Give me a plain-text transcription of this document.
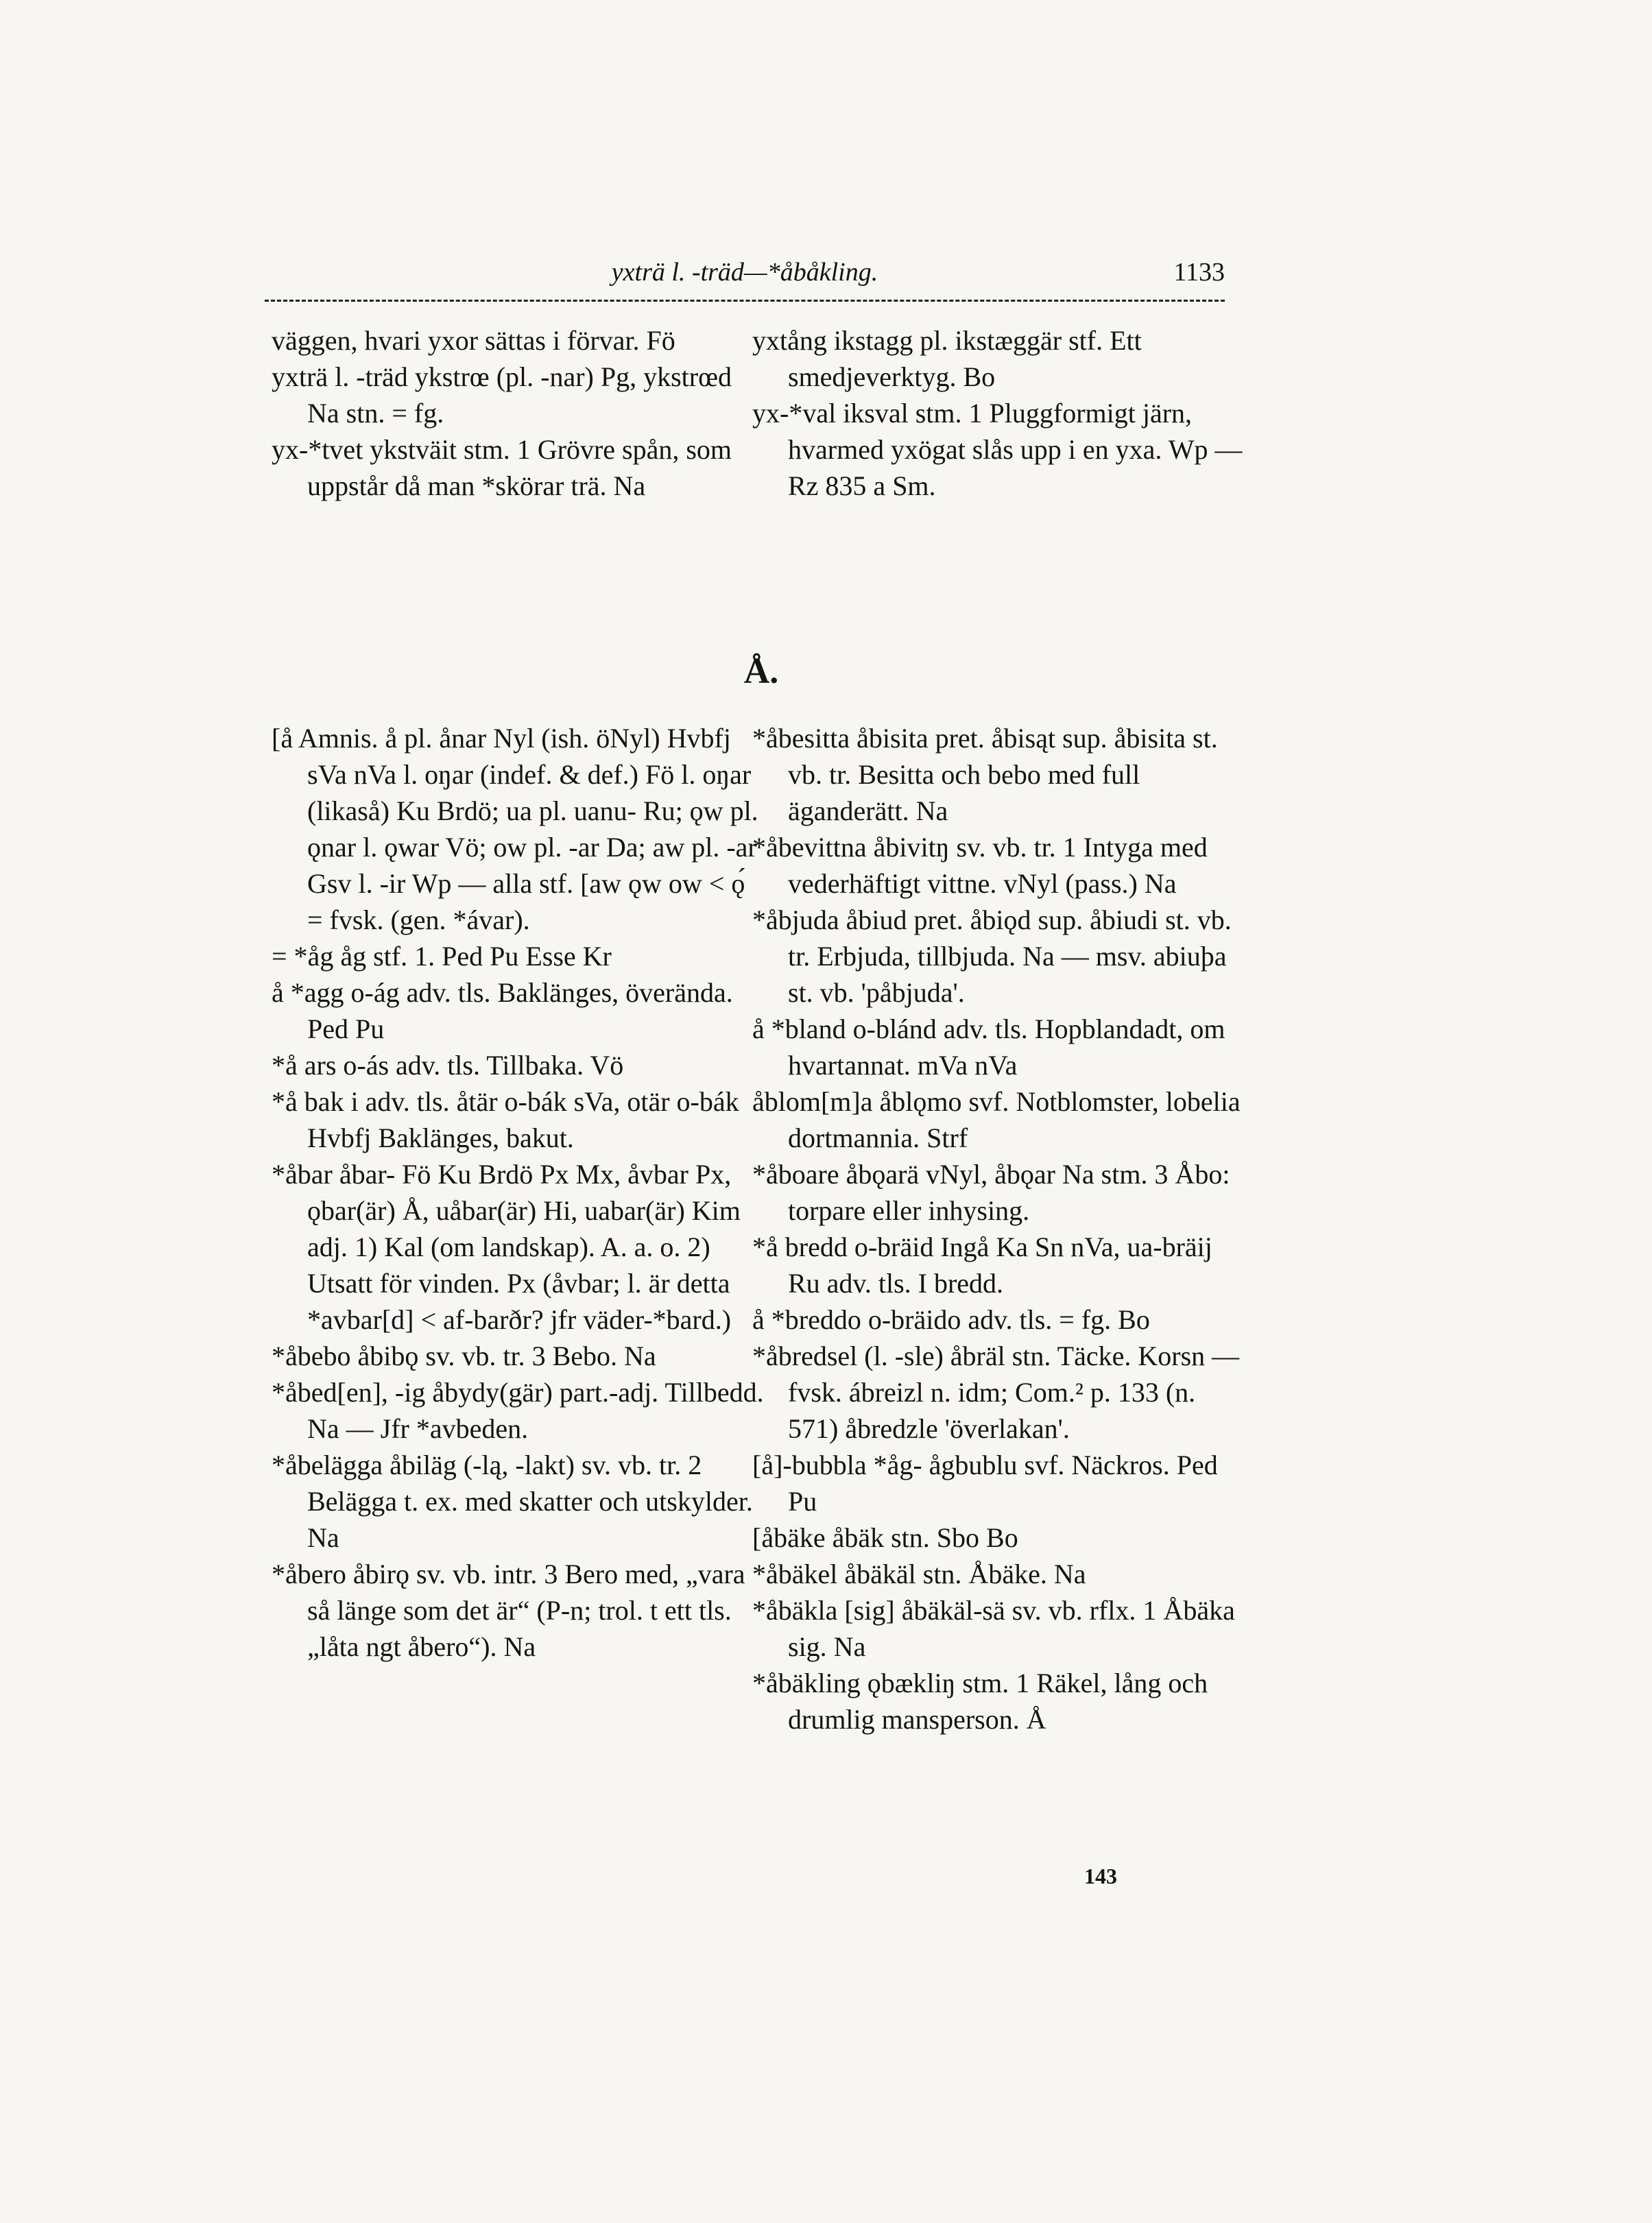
yxträ l. -träd—*åbåkling.	1133

väggen, hvari yxor sättas i förvar. Fö

yxträ l. -träd ykstrœ (pl. -nar) Pg, ykstrœd Na stn. = fg.

yx-*tvet ykstväit stm. 1 Grövre spån, som uppstår då man *skörar trä. Na

yxtång ikstagg pl. ikstæggär stf. Ett smedjeverktyg. Bo

yx-*val iksval stm. 1 Pluggformigt järn, hvarmed yxögat slås upp i en yxa. Wp — Rz 835 a Sm.

Å.

[å Amnis. å pl. ånar Nyl (ish. öNyl) Hvbfj sVa nVa l. oŋar (indef. & def.) Fö l. oŋar (likaså) Ku Brdö; ua pl. uanu- Ru; ǫw pl. ǫnar l. ǫwar Vö; ow pl. -ar Da; aw pl. -ar Gsv l. -ir Wp — alla stf. [aw ǫw ow < ǫ́ = fvsk. (gen. *ávar).

= *åg åg stf. 1. Ped Pu Esse Kr

å *agg o-ág adv. tls. Baklänges, överända. Ped Pu

*å ars o-ás adv. tls. Tillbaka. Vö

*å bak i adv. tls. åtär o-bák sVa, otär o-bák Hvbfj Baklänges, bakut.

*åbar åbar- Fö Ku Brdö Px Mx, åvbar Px, ǫbar(är) Å, uåbar(är) Hi, uabar(är) Kim adj. 1) Kal (om landskap). A. a. o. 2) Utsatt för vinden. Px (åvbar; l. är detta *avbar[d] < af-barðr? jfr väder-*bard.)

*åbebo åbibǫ sv. vb. tr. 3 Bebo. Na

*åbed[en], -ig åbydy(gär) part.-adj. Tillbedd. Na — Jfr *avbeden.

*åbelägga åbiläg (-lą, -lakt) sv. vb. tr. 2 Belägga t. ex. med skatter och utskylder. Na

*åbero åbirǫ sv. vb. intr. 3 Bero med, „vara så länge som det är“ (P-n; trol. t ett tls. „låta ngt åbero“). Na

*åbesitta åbisita pret. åbisąt sup. åbisita st. vb. tr. Besitta och bebo med full äganderätt. Na

*åbevittna åbivitŋ sv. vb. tr. 1 Intyga med vederhäftigt vittne. vNyl (pass.) Na

*åbjuda åbiud pret. åbiǫd sup. åbiudi st. vb. tr. Erbjuda, tillbjuda. Na — msv. abiuþa st. vb. 'påbjuda'.

å *bland o-blánd adv. tls. Hopblandadt, om hvartannat. mVa nVa

åblom[m]a åblǫmo svf. Notblomster, lobelia dortmannia. Strf

*åboare åbǫarä vNyl, åbǫar Na stm. 3 Åbo: torpare eller inhysing.

*å bredd o-bräid Ingå Ka Sn nVa, ua-bräij Ru adv. tls. I bredd.

å *breddo o-bräido adv. tls. = fg. Bo

*åbredsel (l. -sle) åbräl stn. Täcke. Korsn — fvsk. ábreizl n. idm; Com.² p. 133 (n. 571) åbredzle 'överlakan'.

[å]-bubbla *åg- ågbublu svf. Näckros. Ped Pu

[åbäke åbäk stn. Sbo Bo

*åbäkel åbäkäl stn. Åbäke. Na

*åbäkla [sig] åbäkäl-sä sv. vb. rflx. 1 Åbäka sig. Na

*åbäkling ǫbækliŋ stm. 1 Räkel, lång och drumlig mansperson. Å

143
